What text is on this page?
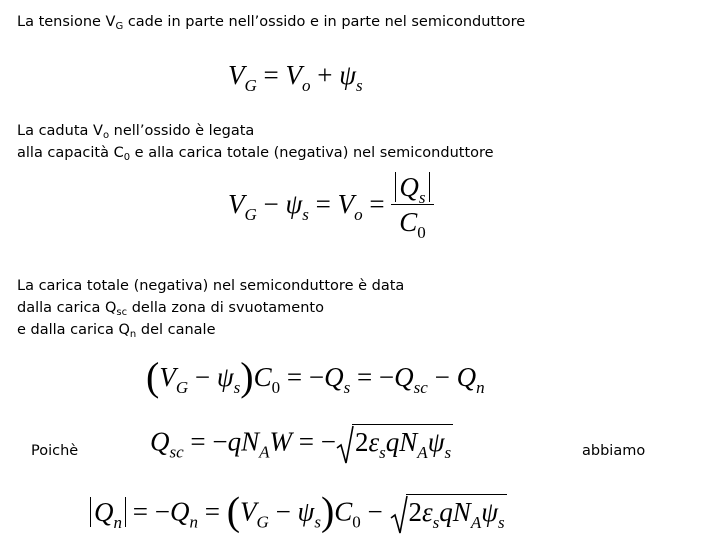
La tensione $V_G$ cade in parte nell’ossido e in parte nel semiconduttore
$V_G = V_o + \psi_s$
La caduta $V_o$ nell’ossido è legata
alla capacità $C_0$ e alla carica totale (negativa) nel semiconduttore
$V_G - \psi_s = V_o = \frac{Q_s}{C_0}$
La carica totale (negativa) nel semiconduttore è data
dalla carica $Q_{sc}$ della zona di svuotamento
e dalla carica $Q_n$ del canale
$(V_G - \psi_s)C_0 = -Q_s = -Q_{sc} - Q_n$
Poichè	$Q_{sc} = -qN_AW$ = − $2\varepsilon_sqN_A\psi_s$	abbiamo
$Q_n = -Q_n = (V_G - \psi_s)C_0 - 2\varepsilon_sqN_A\psi_s$
